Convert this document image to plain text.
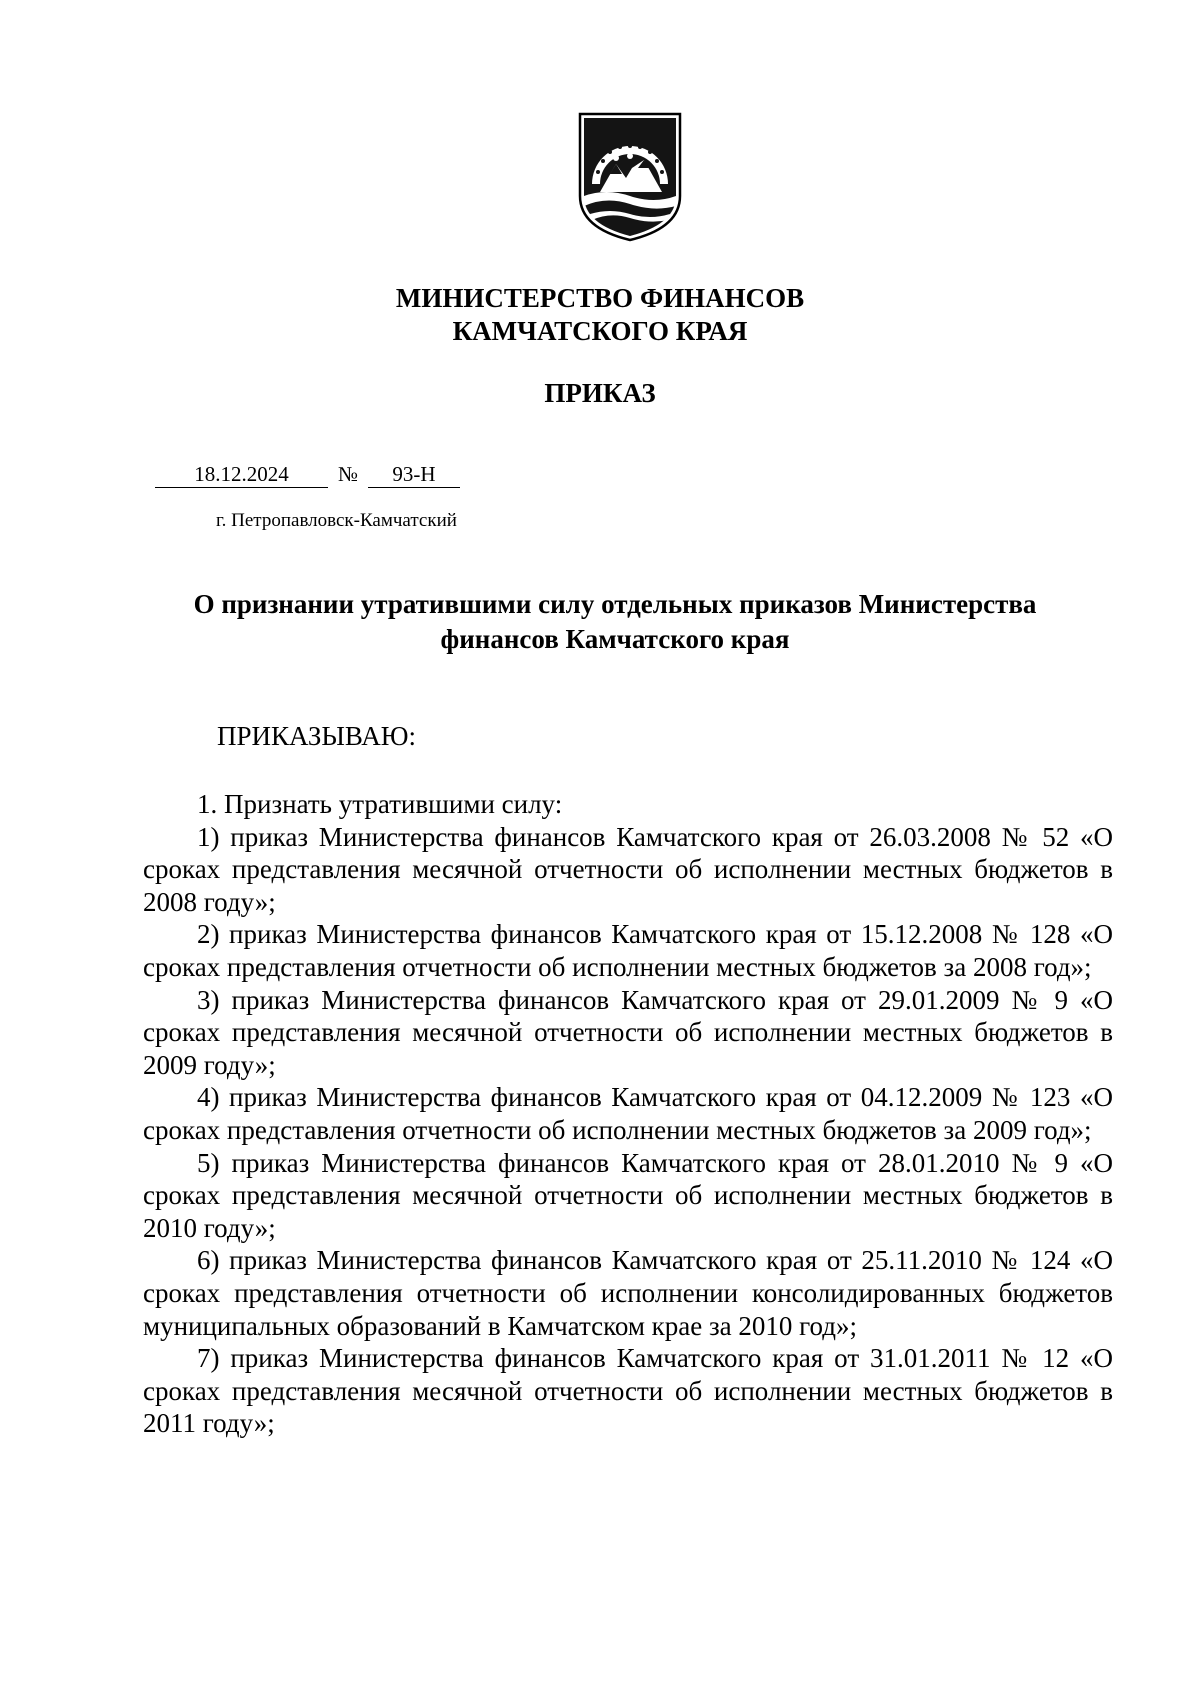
МИНИСТЕРСТВО ФИНАНСОВ
КАМЧАТСКОГО КРАЯ
ПРИКАЗ
18.12.2024	№	93-Н
г. Петропавловск-Камчатский
О признании утратившими силу отдельных приказов Министерства финансов Камчатского края
ПРИКАЗЫВАЮ:

1. Признать утратившими силу:

1) приказ Министерства финансов Камчатского края от 26.03.2008 № 52 «О сроках представления месячной отчетности об исполнении местных бюджетов в 2008 году»;

2) приказ Министерства финансов Камчатского края от 15.12.2008 № 128 «О сроках представления отчетности об исполнении местных бюджетов за 2008 год»;

3) приказ Министерства финансов Камчатского края от 29.01.2009 № 9 «О сроках представления месячной отчетности об исполнении местных бюджетов в 2009 году»;

4) приказ Министерства финансов Камчатского края от 04.12.2009 № 123 «О сроках представления отчетности об исполнении местных бюджетов за 2009 год»;

5) приказ Министерства финансов Камчатского края от 28.01.2010 № 9 «О сроках представления месячной отчетности об исполнении местных бюджетов в 2010 году»;

6) приказ Министерства финансов Камчатского края от 25.11.2010 № 124 «О сроках представления отчетности об исполнении консолидированных бюджетов муниципальных образований в Камчатском крае за 2010 год»;

7) приказ Министерства финансов Камчатского края от 31.01.2011 № 12 «О сроках представления месячной отчетности об исполнении местных бюджетов в 2011 году»;
